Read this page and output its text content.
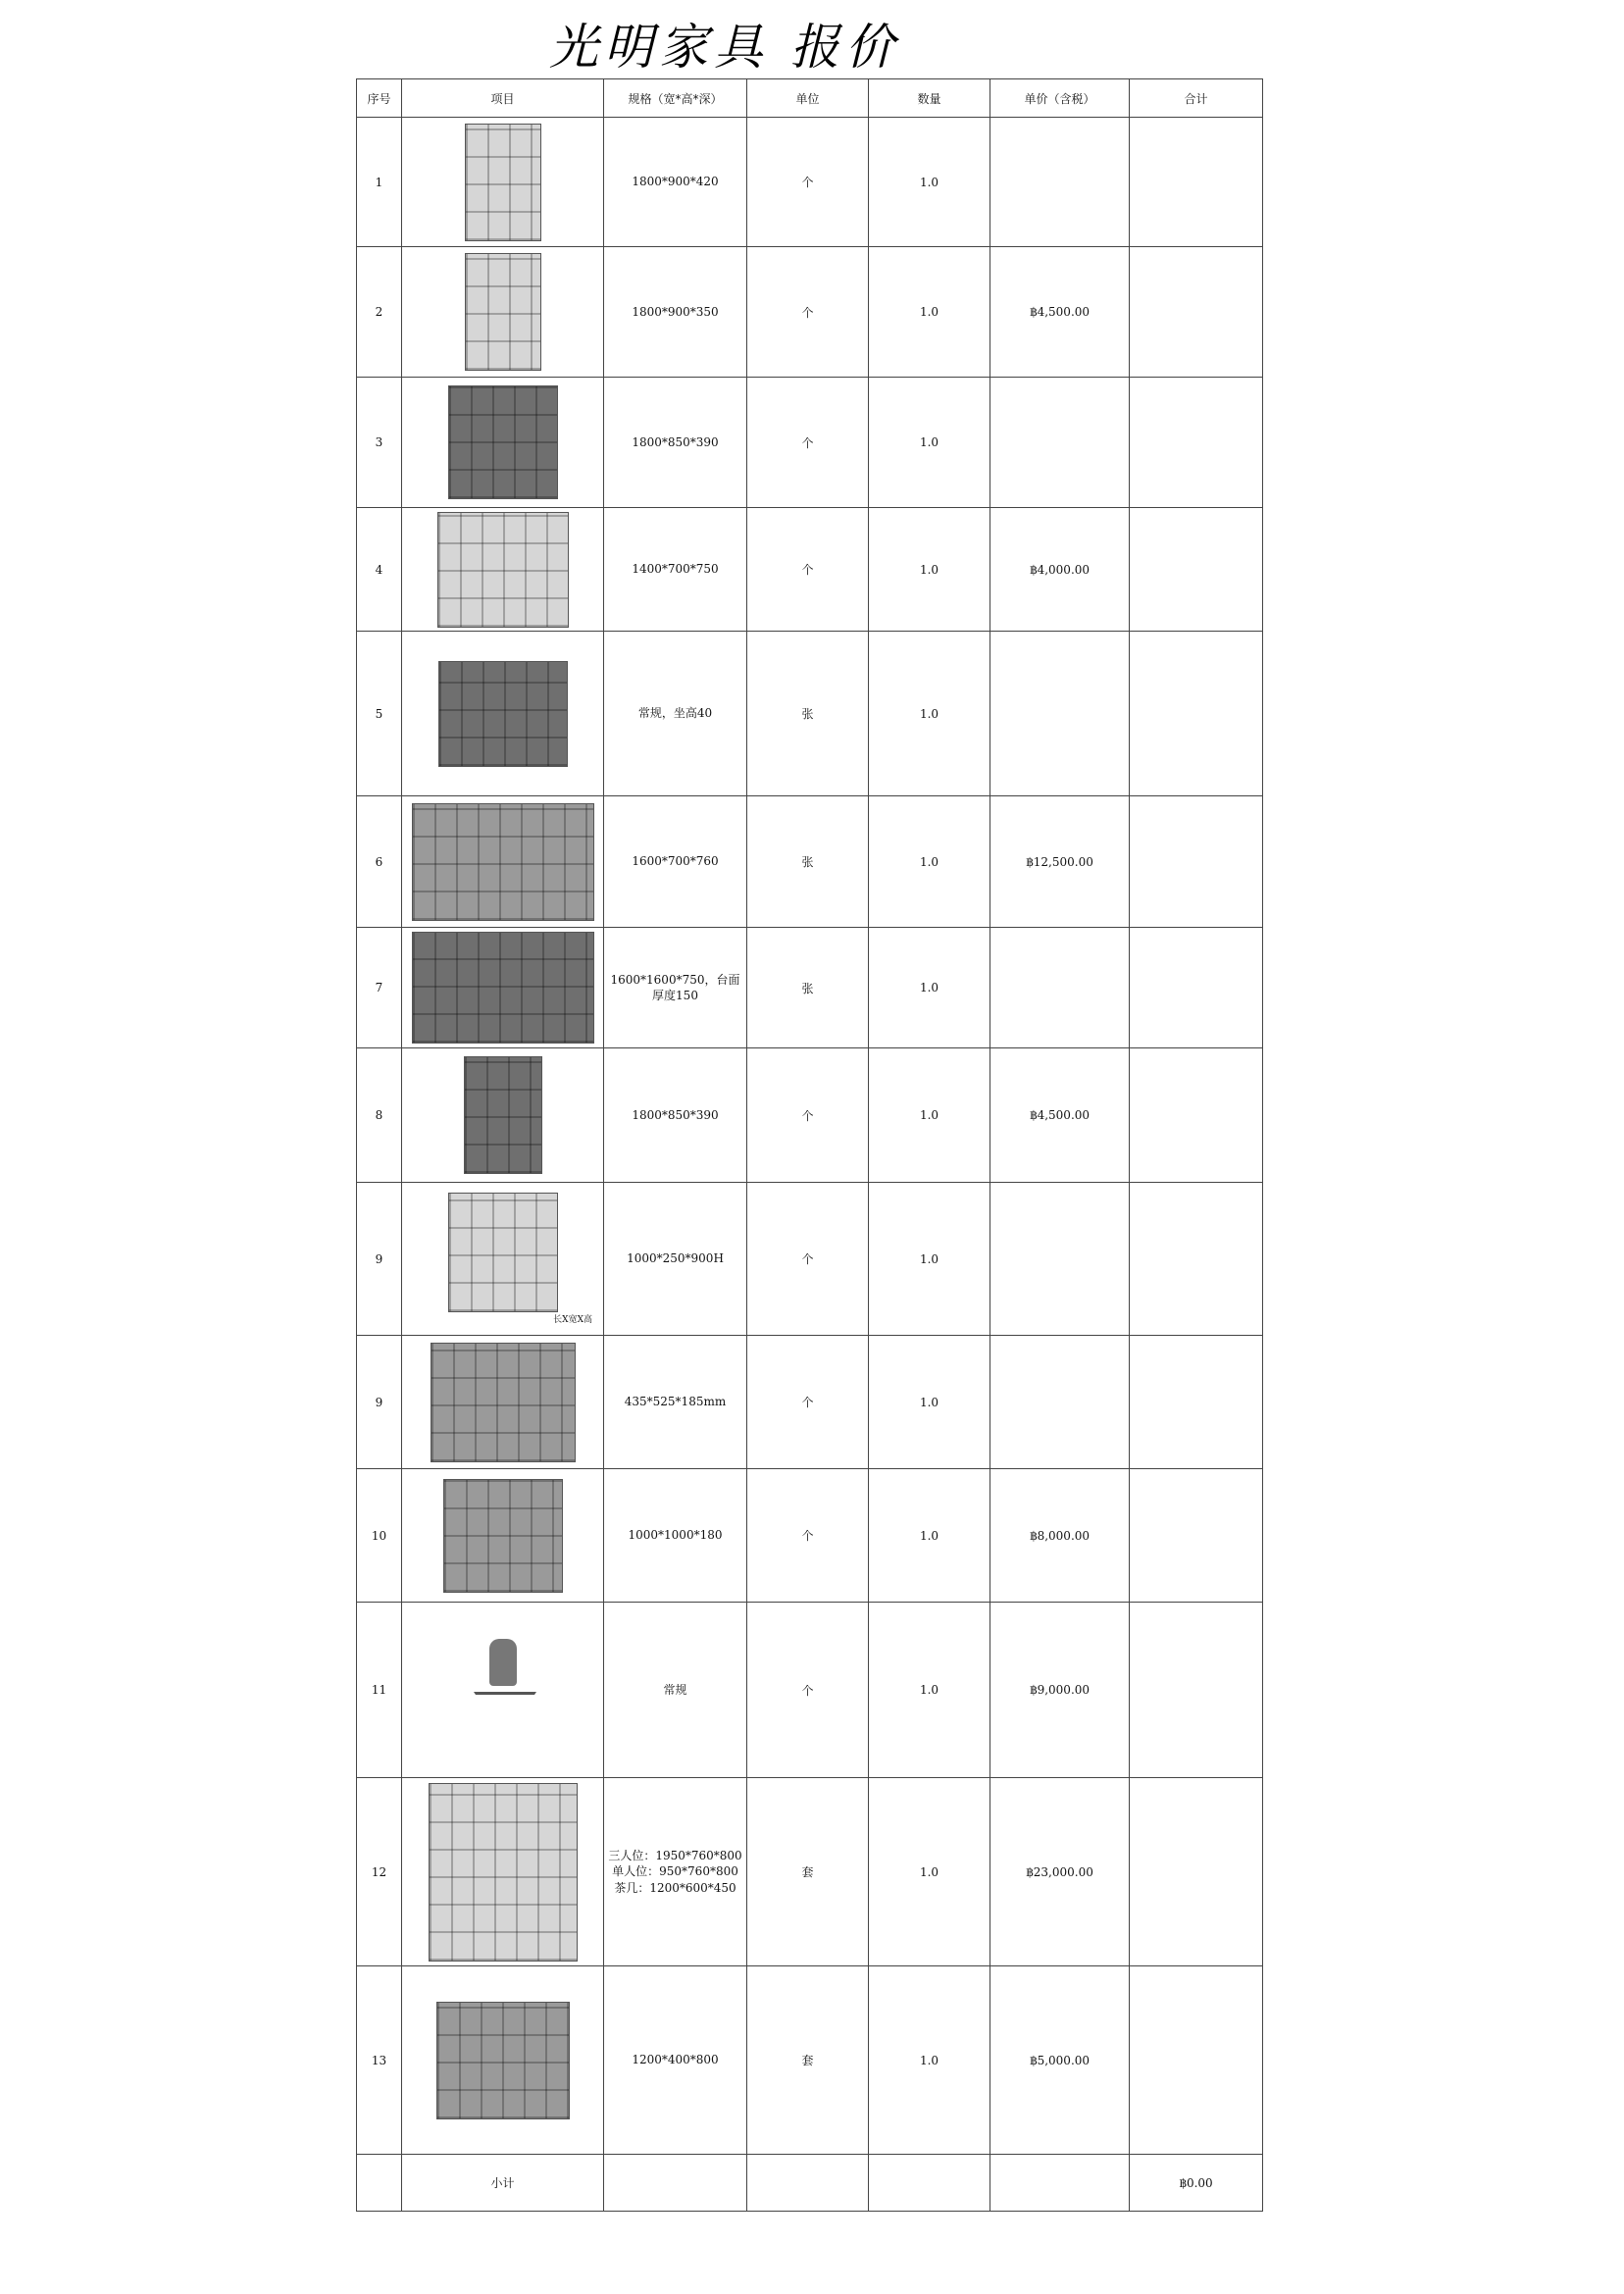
光明家具 报价
序号	项目	规格（宽*高*深）	单位	数量	单价（含税）	合计
1		1800*900*420	个	1.0		
2		1800*900*350	个	1.0	฿4,500.00	
3		1800*850*390	个	1.0		
4		1400*700*750	个	1.0	฿4,000.00	
5		常规，坐高40	张	1.0		
6		1600*700*760	张	1.0	฿12,500.00	
7		1600*1600*750，台面厚度150	张	1.0		
8		1800*850*390	个	1.0	฿4,500.00	
9	长X宽X高	1000*250*900H	个	1.0		
9		435*525*185mm	个	1.0		
10		1000*1000*180	个	1.0	฿8,000.00	
11		常规	个	1.0	฿9,000.00	
12		三人位：1950*760*800
单人位：950*760*800
茶几：1200*600*450	套	1.0	฿23,000.00	
13		1200*400*800	套	1.0	฿5,000.00	
	小计					฿0.00
